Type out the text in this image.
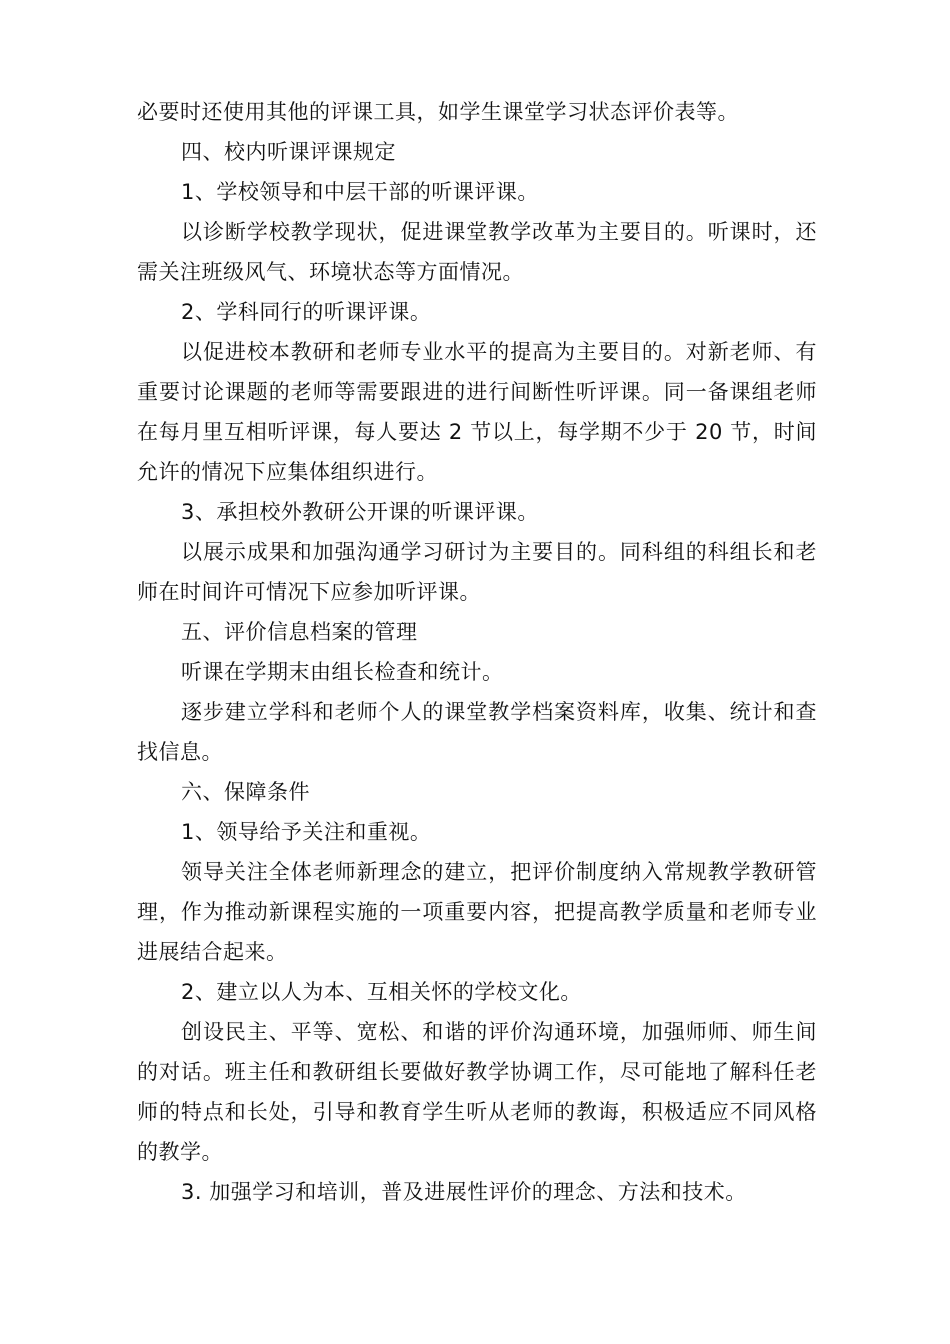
必要时还使用其他的评课工具，如学生课堂学习状态评价表等。

四、校内听课评课规定

1、学校领导和中层干部的听课评课。

以诊断学校教学现状，促进课堂教学改革为主要目的。听课时，还需关注班级风气、环境状态等方面情况。

2、学科同行的听课评课。

以促进校本教研和老师专业水平的提高为主要目的。对新老师、有重要讨论课题的老师等需要跟进的进行间断性听评课。同一备课组老师在每月里互相听评课，每人要达 2 节以上，每学期不少于 20 节，时间允许的情况下应集体组织进行。

3、承担校外教研公开课的听课评课。

以展示成果和加强沟通学习研讨为主要目的。同科组的科组长和老师在时间许可情况下应参加听评课。

五、评价信息档案的管理

听课在学期末由组长检查和统计。

逐步建立学科和老师个人的课堂教学档案资料库，收集、统计和查找信息。

六、保障条件

1、领导给予关注和重视。

领导关注全体老师新理念的建立，把评价制度纳入常规教学教研管理，作为推动新课程实施的一项重要内容，把提高教学质量和老师专业进展结合起来。

2、建立以人为本、互相关怀的学校文化。

创设民主、平等、宽松、和谐的评价沟通环境，加强师师、师生间的对话。班主任和教研组长要做好教学协调工作，尽可能地了解科任老师的特点和长处，引导和教育学生听从老师的教诲，积极适应不同风格的教学。

3. 加强学习和培训，普及进展性评价的理念、方法和技术。
